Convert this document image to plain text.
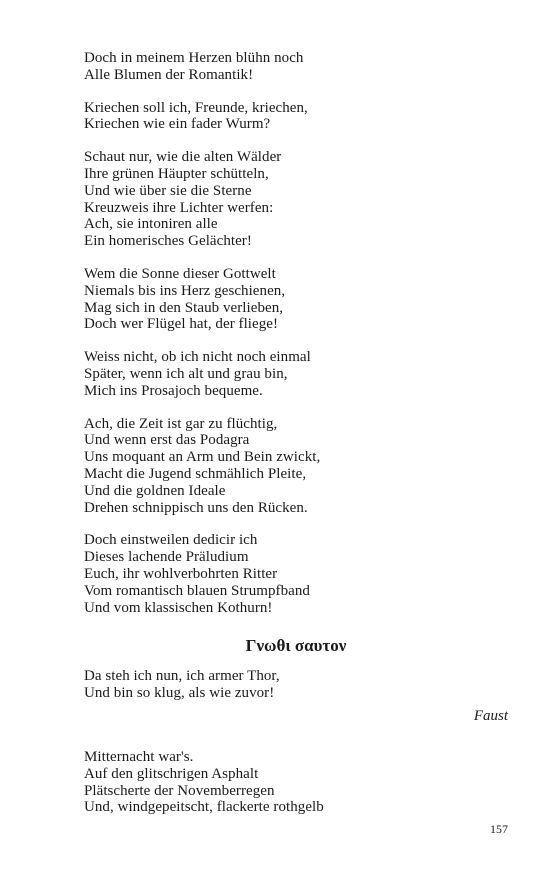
Doch in meinem Herzen blühn noch
Alle Blumen der Romantik!
Kriechen soll ich, Freunde, kriechen,
Kriechen wie ein fader Wurm?
Schaut nur, wie die alten Wälder
Ihre grünen Häupter schütteln,
Und wie über sie die Sterne
Kreuzweis ihre Lichter werfen:
Ach, sie intoniren alle
Ein homerisches Gelächter!
Wem die Sonne dieser Gottwelt
Niemals bis ins Herz geschienen,
Mag sich in den Staub verlieben,
Doch wer Flügel hat, der fliege!
Weiss nicht, ob ich nicht noch einmal
Später, wenn ich alt und grau bin,
Mich ins Prosajoch bequeme.
Ach, die Zeit ist gar zu flüchtig,
Und wenn erst das Podagra
Uns moquant an Arm und Bein zwickt,
Macht die Jugend schmählich Pleite,
Und die goldnen Ideale
Drehen schnippisch uns den Rücken.
Doch einstweilen dedicir ich
Dieses lachende Präludium
Euch, ihr wohlverbohrten Ritter
Vom romantisch blauen Strumpfband
Und vom klassischen Kothurn!
Γνωθι σαυτον
Da steh ich nun, ich armer Thor,
Und bin so klug, als wie zuvor!
Faust
Mitternacht war's.
Auf den glitschrigen Asphalt
Plätscherte der Novemberregen
Und, windgepeitscht, flackerte rothgelb
157
